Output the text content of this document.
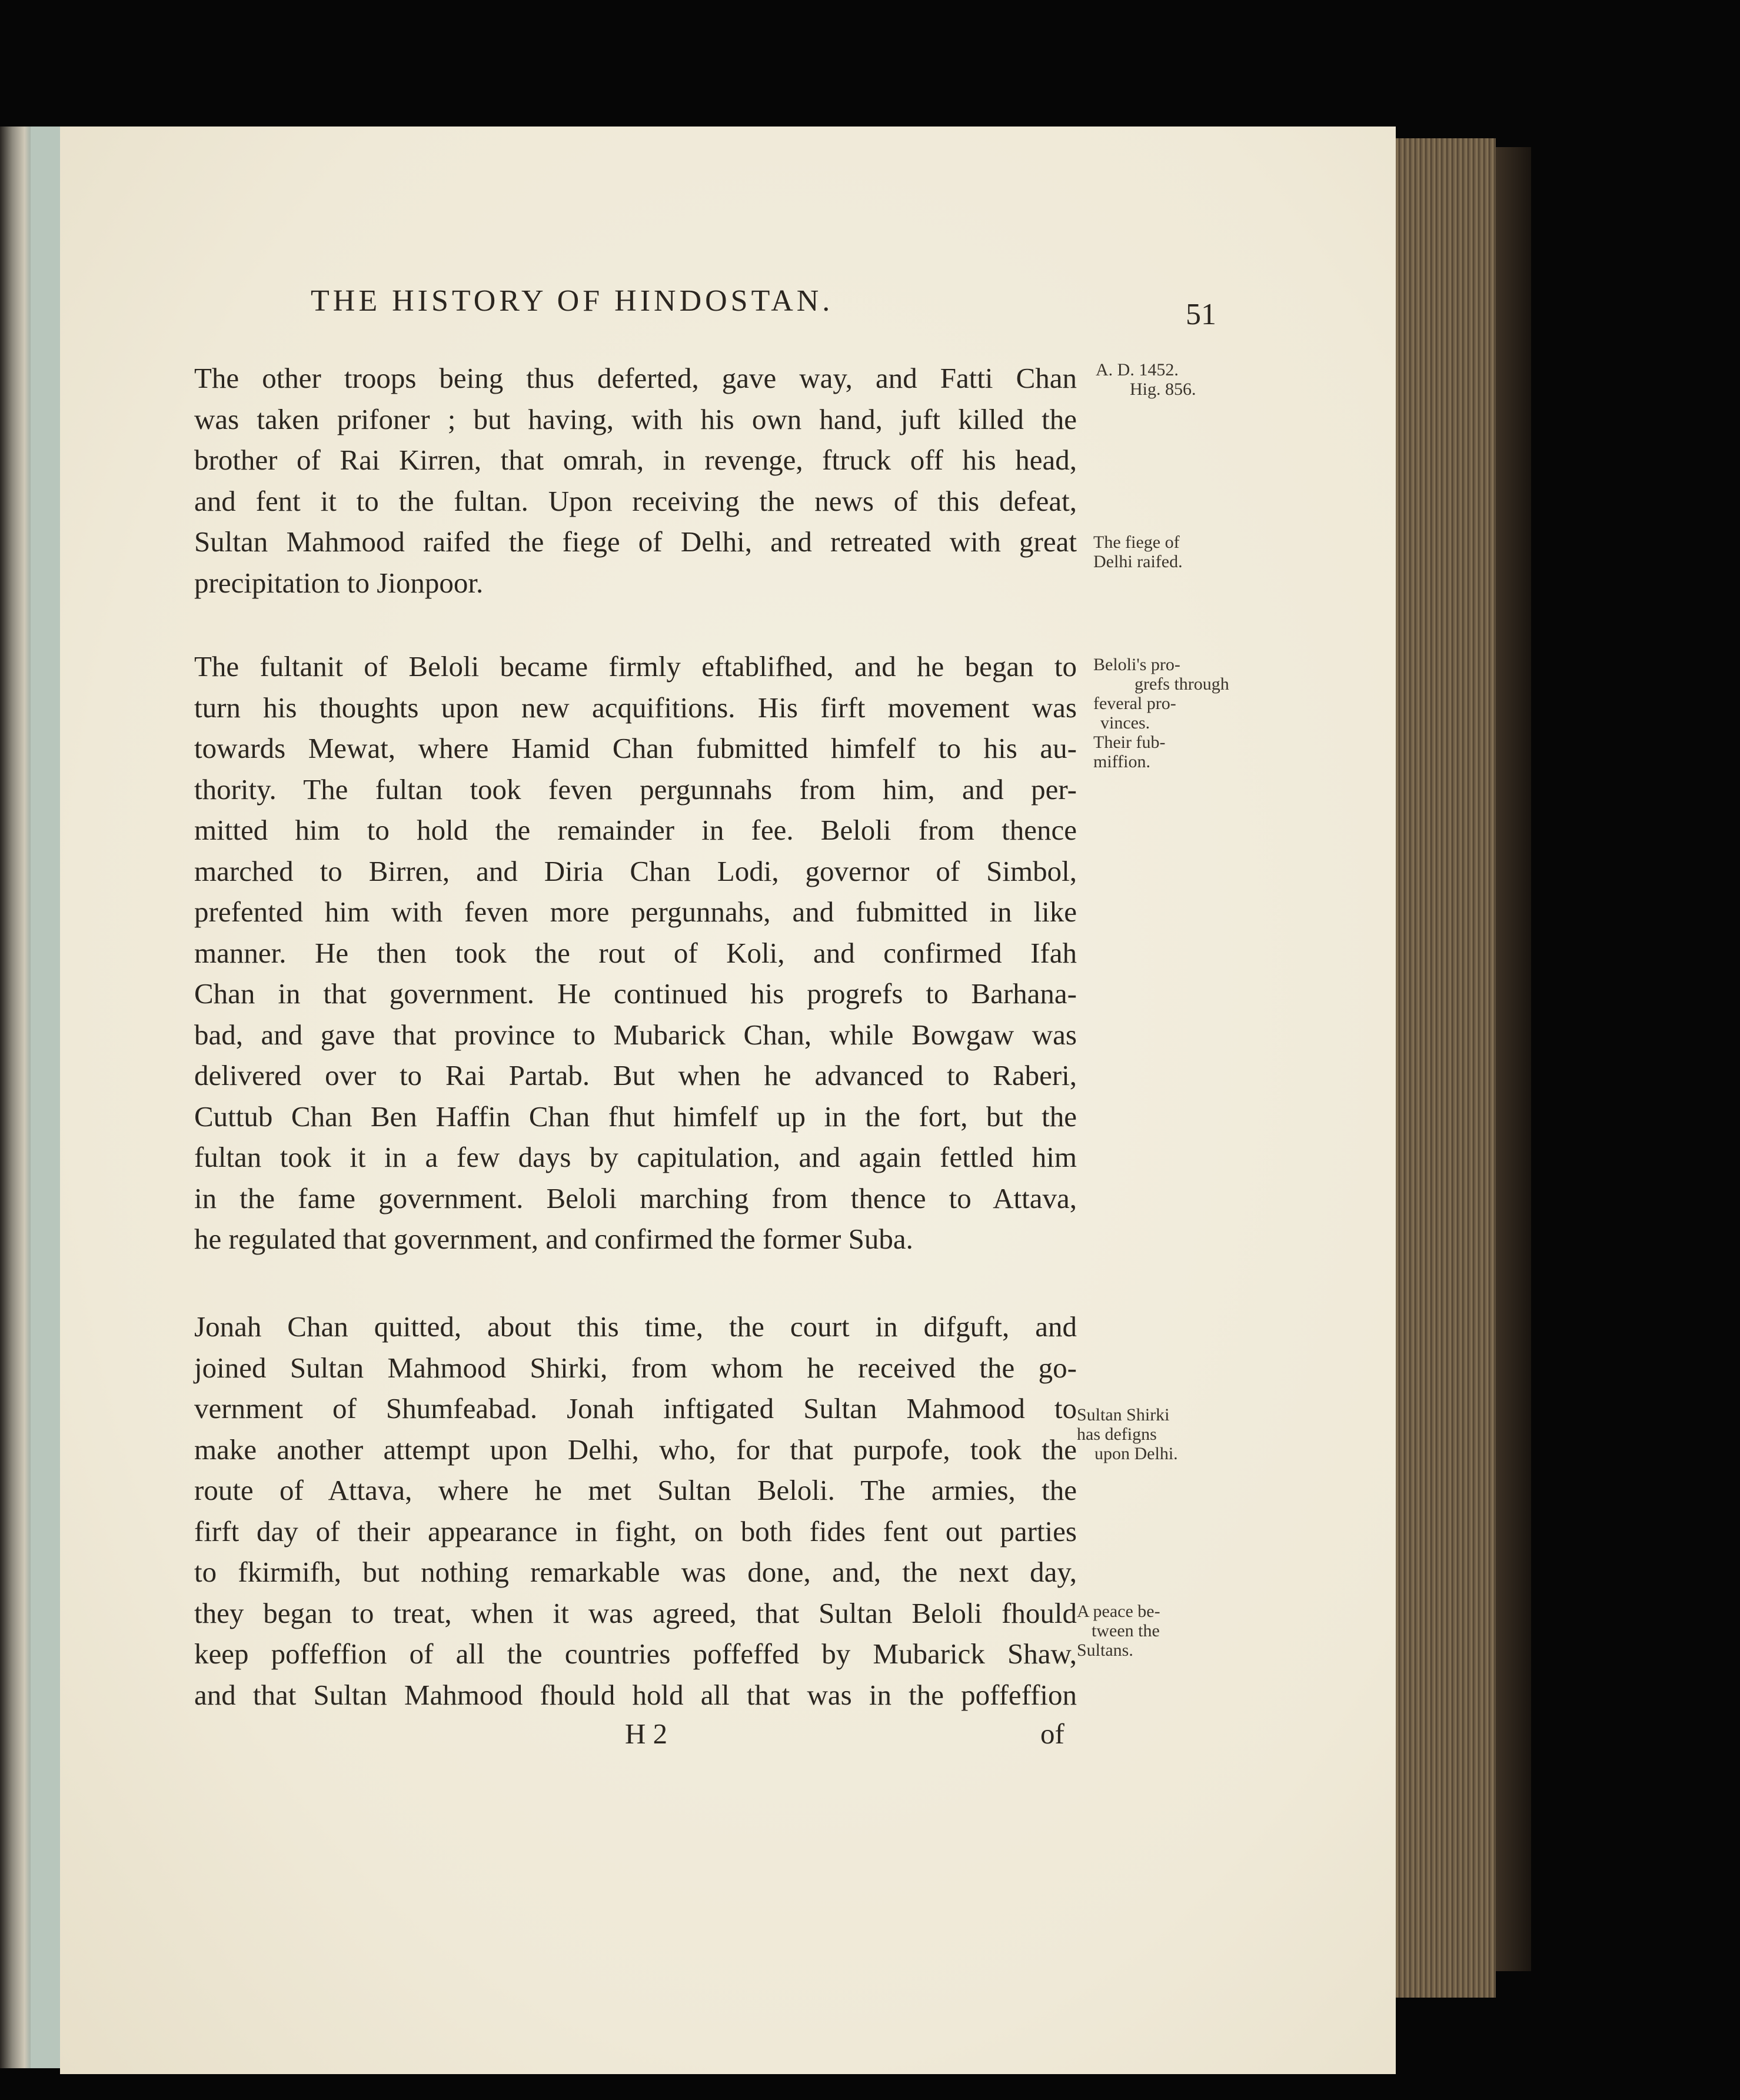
THE HISTORY OF HINDOSTAN.	51
The other troops being thus deferted, gave way, and Fatti Chan
was taken prifoner ; but having, with his own hand, juft killed the
brother of Rai Kirren, that omrah, in revenge, ftruck off his head,
and fent it to the fultan. Upon receiving the news of this defeat,
Sultan Mahmood raifed the fiege of Delhi, and retreated with great
precipitation to Jionpoor.
The fultanit of Beloli became firmly eftablifhed, and he began to
turn his thoughts upon new acquifitions. His firft movement was
towards Mewat, where Hamid Chan fubmitted himfelf to his au-
thority. The fultan took feven pergunnahs from him, and per-
mitted him to hold the remainder in fee. Beloli from thence
marched to Birren, and Diria Chan Lodi, governor of Simbol,
prefented him with feven more pergunnahs, and fubmitted in like
manner. He then took the rout of Koli, and confirmed Ifah
Chan in that government. He continued his progrefs to Barhana-
bad, and gave that province to Mubarick Chan, while Bowgaw was
delivered over to Rai Partab. But when he advanced to Raberi,
Cuttub Chan Ben Haffin Chan fhut himfelf up in the fort, but the
fultan took it in a few days by capitulation, and again fettled him
in the fame government. Beloli marching from thence to Attava,
he regulated that government, and confirmed the former Suba.
Jonah Chan quitted, about this time, the court in difguft, and
joined Sultan Mahmood Shirki, from whom he received the go-
vernment of Shumfeabad. Jonah inftigated Sultan Mahmood to
make another attempt upon Delhi, who, for that purpofe, took the
route of Attava, where he met Sultan Beloli. The armies, the
firft day of their appearance in fight, on both fides fent out parties
to fkirmifh, but nothing remarkable was done, and, the next day,
they began to treat, when it was agreed, that Sultan Beloli fhould
keep poffeffion of all the countries poffeffed by Mubarick Shaw,
and that Sultan Mahmood fhould hold all that was in the poffeffion
A. D. 1452.
Hig. 856.
The fiege of
Delhi raifed.
Beloli's pro-
grefs through
feveral pro-
vinces.
Their fub-
miffion.
Sultan Shirki
has defigns
upon Delhi.
A peace be-
tween the
Sultans.
H 2	of
